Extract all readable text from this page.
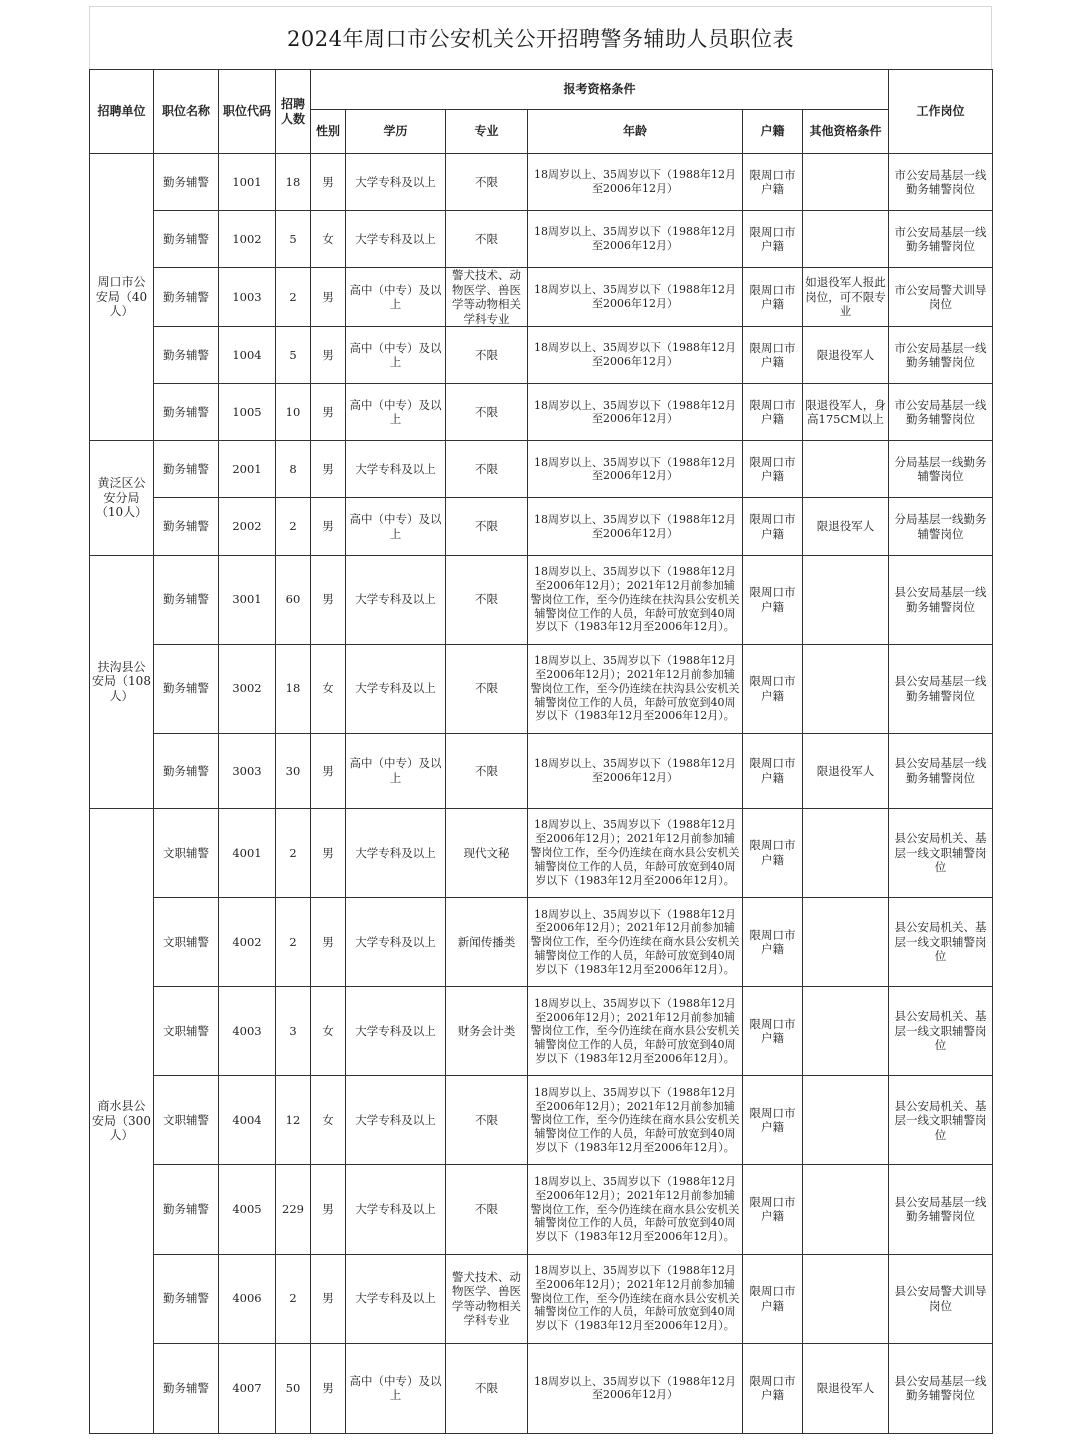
2024年周口市公安机关公开招聘警务辅助人员职位表
招聘单位	职位名称	职位代码	招聘人数	报考资格条件						工作岗位
				性别	学历	专业	年龄	户籍	其他资格条件	
周口市公安局（40人）	勤务辅警	1001	18	男	大学专科及以上	不限	18周岁以上、35周岁以下（1988年12月至2006年12月）	限周口市户籍		市公安局基层一线勤务辅警岗位
	勤务辅警	1002	5	女	大学专科及以上	不限	18周岁以上、35周岁以下（1988年12月至2006年12月）	限周口市户籍		市公安局基层一线勤务辅警岗位
	勤务辅警	1003	2	男	高中（中专）及以上	警犬技术、动物医学、兽医学等动物相关学科专业	18周岁以上、35周岁以下（1988年12月至2006年12月）	限周口市户籍	如退役军人报此岗位，可不限专业	市公安局警犬训导岗位
	勤务辅警	1004	5	男	高中（中专）及以上	不限	18周岁以上、35周岁以下（1988年12月至2006年12月）	限周口市户籍	限退役军人	市公安局基层一线勤务辅警岗位
	勤务辅警	1005	10	男	高中（中专）及以上	不限	18周岁以上、35周岁以下（1988年12月至2006年12月）	限周口市户籍	限退役军人，身高175CM以上	市公安局基层一线勤务辅警岗位
黄泛区公安分局（10人）	勤务辅警	2001	8	男	大学专科及以上	不限	18周岁以上、35周岁以下（1988年12月至2006年12月）	限周口市户籍		分局基层一线勤务辅警岗位
	勤务辅警	2002	2	男	高中（中专）及以上	不限	18周岁以上、35周岁以下（1988年12月至2006年12月）	限周口市户籍	限退役军人	分局基层一线勤务辅警岗位
扶沟县公安局（108人）	勤务辅警	3001	60	男	大学专科及以上	不限	18周岁以上、35周岁以下（1988年12月至2006年12月）；2021年12月前参加辅警岗位工作，至今仍连续在扶沟县公安机关辅警岗位工作的人员，年龄可放宽到40周岁以下（1983年12月至2006年12月）。	限周口市户籍		县公安局基层一线勤务辅警岗位
	勤务辅警	3002	18	女	大学专科及以上	不限	18周岁以上、35周岁以下（1988年12月至2006年12月）；2021年12月前参加辅警岗位工作，至今仍连续在扶沟县公安机关辅警岗位工作的人员，年龄可放宽到40周岁以下（1983年12月至2006年12月）。	限周口市户籍		县公安局基层一线勤务辅警岗位
	勤务辅警	3003	30	男	高中（中专）及以上	不限	18周岁以上、35周岁以下（1988年12月至2006年12月）	限周口市户籍	限退役军人	县公安局基层一线勤务辅警岗位
商水县公安局（300人）	文职辅警	4001	2	男	大学专科及以上	现代文秘	18周岁以上、35周岁以下（1988年12月至2006年12月）；2021年12月前参加辅警岗位工作，至今仍连续在商水县公安机关辅警岗位工作的人员，年龄可放宽到40周岁以下（1983年12月至2006年12月）。	限周口市户籍		县公安局机关、基层一线文职辅警岗位
	文职辅警	4002	2	男	大学专科及以上	新闻传播类	18周岁以上、35周岁以下（1988年12月至2006年12月）；2021年12月前参加辅警岗位工作，至今仍连续在商水县公安机关辅警岗位工作的人员，年龄可放宽到40周岁以下（1983年12月至2006年12月）。	限周口市户籍		县公安局机关、基层一线文职辅警岗位
	文职辅警	4003	3	女	大学专科及以上	财务会计类	18周岁以上、35周岁以下（1988年12月至2006年12月）；2021年12月前参加辅警岗位工作，至今仍连续在商水县公安机关辅警岗位工作的人员，年龄可放宽到40周岁以下（1983年12月至2006年12月）。	限周口市户籍		县公安局机关、基层一线文职辅警岗位
	文职辅警	4004	12	女	大学专科及以上	不限	18周岁以上、35周岁以下（1988年12月至2006年12月）；2021年12月前参加辅警岗位工作，至今仍连续在商水县公安机关辅警岗位工作的人员，年龄可放宽到40周岁以下（1983年12月至2006年12月）。	限周口市户籍		县公安局机关、基层一线文职辅警岗位
	勤务辅警	4005	229	男	大学专科及以上	不限	18周岁以上、35周岁以下（1988年12月至2006年12月）；2021年12月前参加辅警岗位工作，至今仍连续在商水县公安机关辅警岗位工作的人员，年龄可放宽到40周岁以下（1983年12月至2006年12月）。	限周口市户籍		县公安局基层一线勤务辅警岗位
	勤务辅警	4006	2	男	大学专科及以上	警犬技术、动物医学、兽医学等动物相关学科专业	18周岁以上、35周岁以下（1988年12月至2006年12月）；2021年12月前参加辅警岗位工作，至今仍连续在商水县公安机关辅警岗位工作的人员，年龄可放宽到40周岁以下（1983年12月至2006年12月）。	限周口市户籍		县公安局警犬训导岗位
	勤务辅警	4007	50	男	高中（中专）及以上	不限	18周岁以上、35周岁以下（1988年12月至2006年12月）	限周口市户籍	限退役军人	县公安局基层一线勤务辅警岗位
